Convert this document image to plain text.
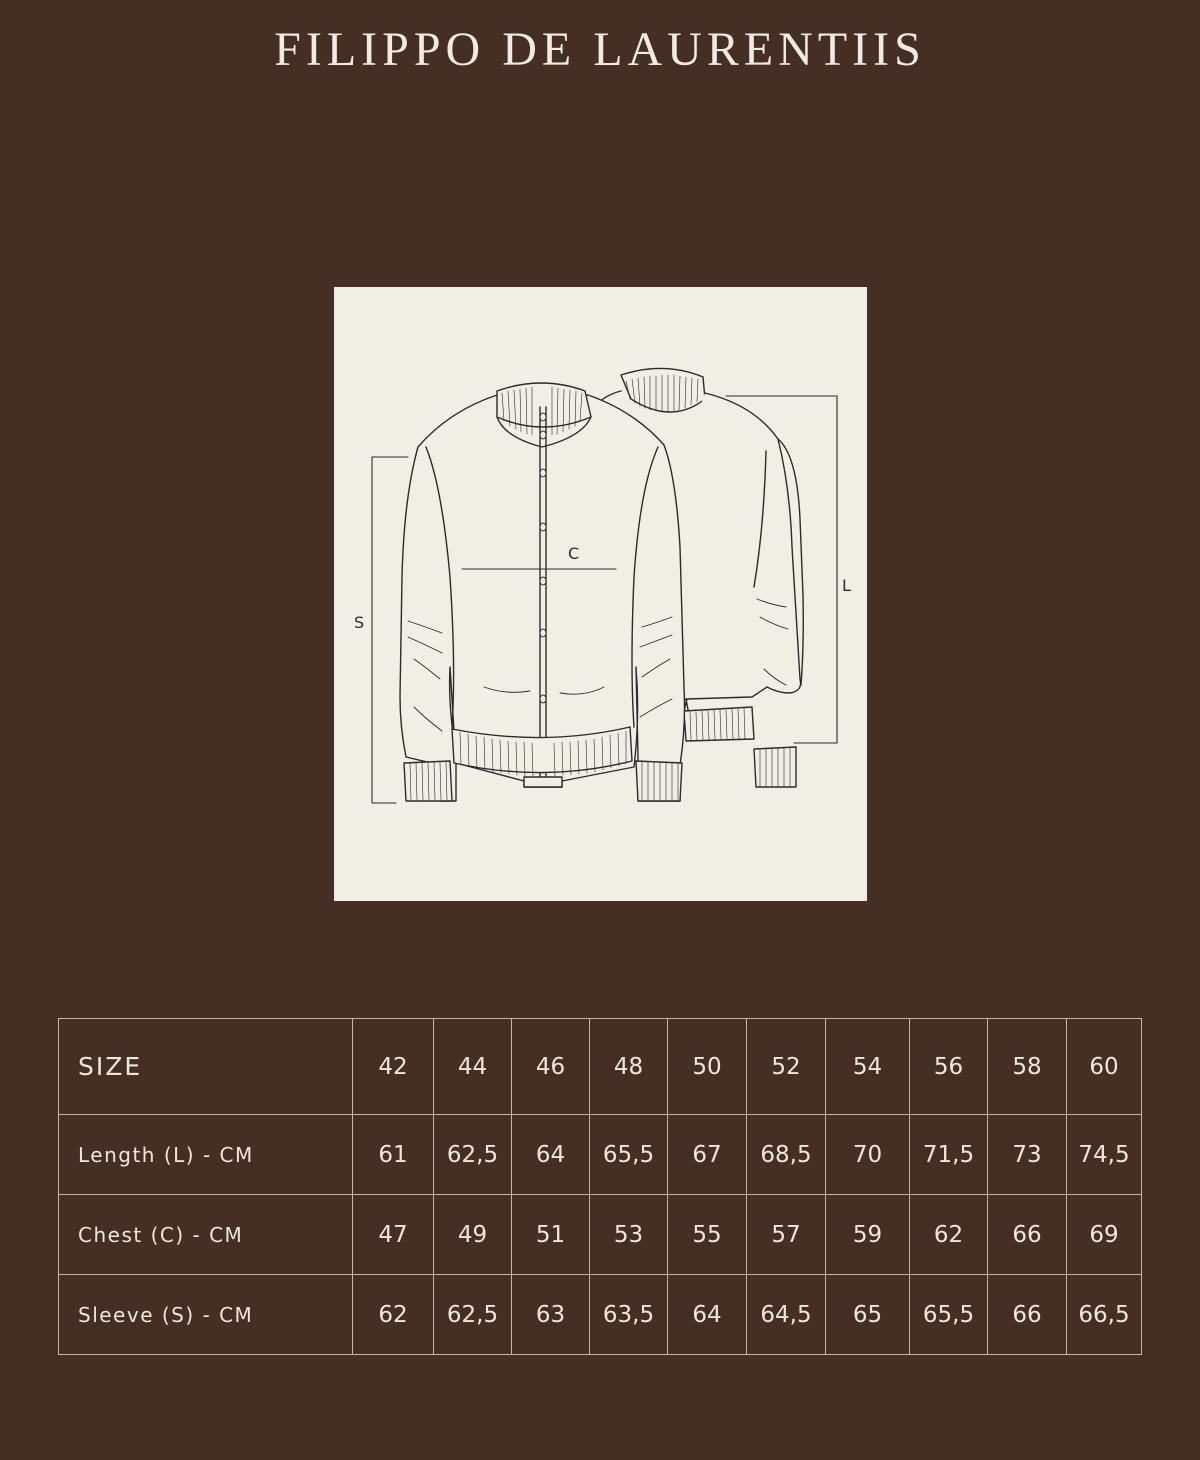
FILIPPO DE LAURENTIIS
S
C
L
SIZE	42	44	46	48	50	52	54	56	58	60
Length (L) - CM	61	62,5	64	65,5	67	68,5	70	71,5	73	74,5
Chest (C) - CM	47	49	51	53	55	57	59	62	66	69
Sleeve (S) - CM	62	62,5	63	63,5	64	64,5	65	65,5	66	66,5
